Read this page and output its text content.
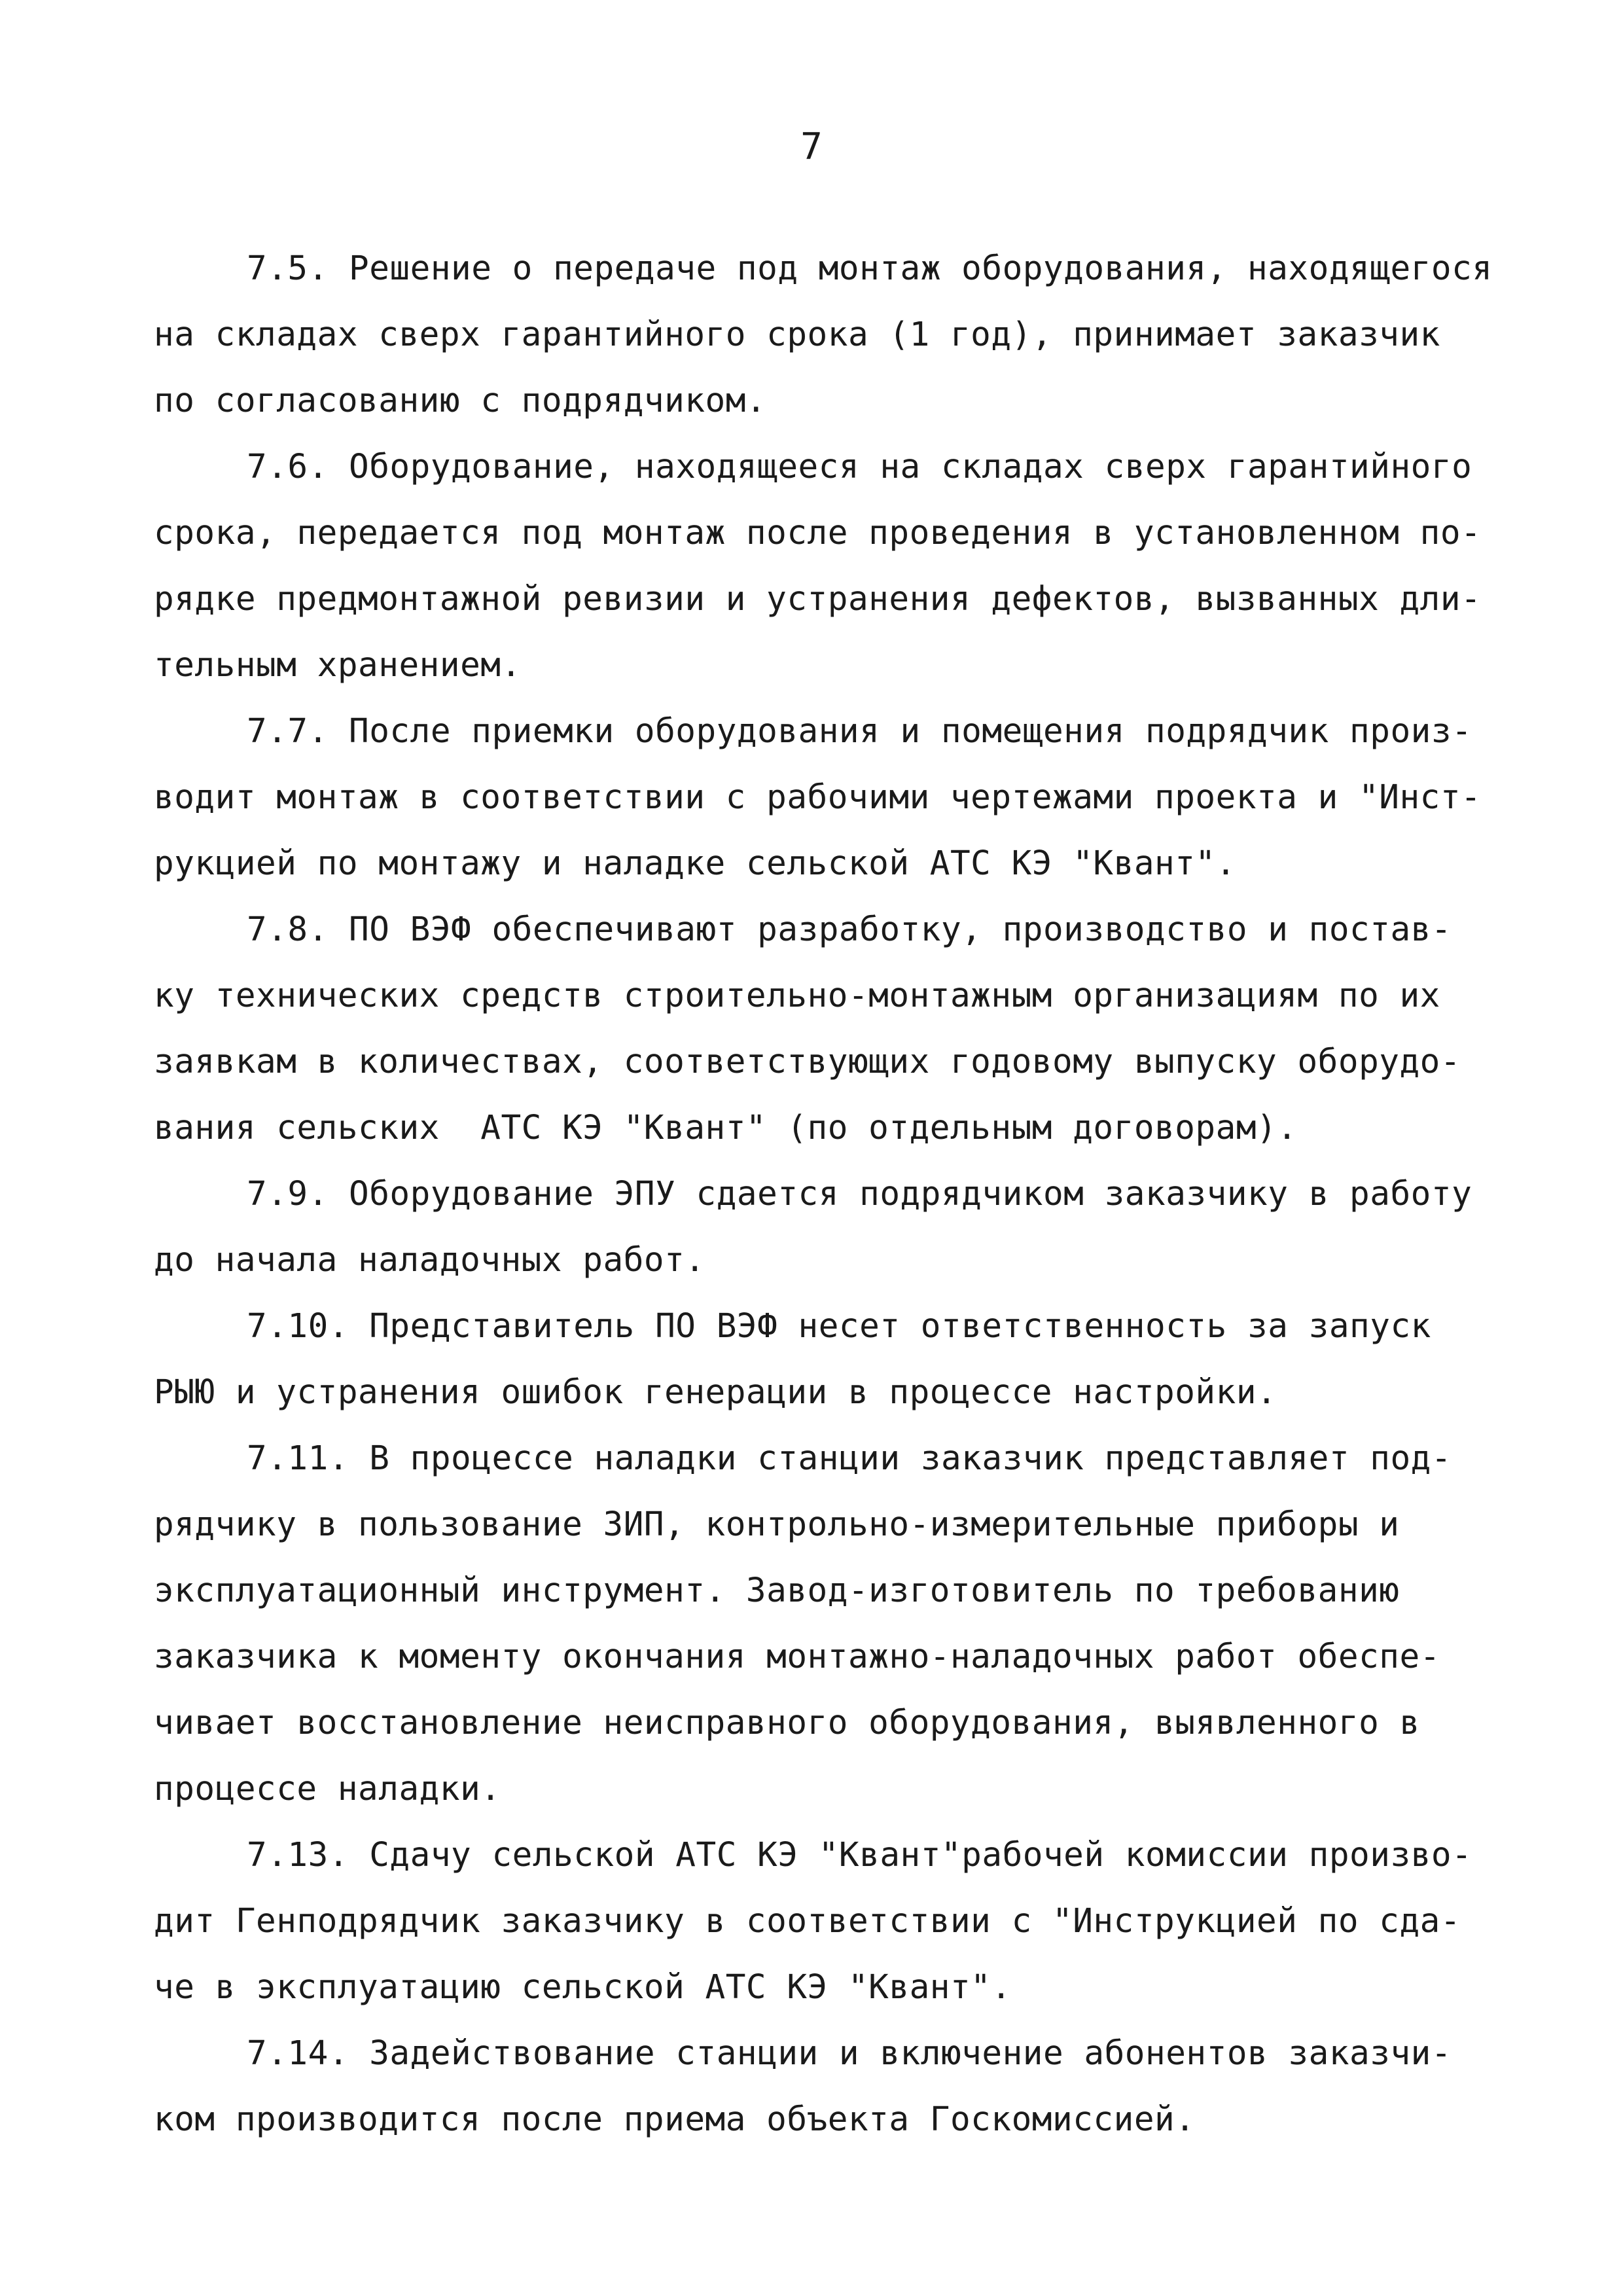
7

7.5. Решение о передаче под монтаж оборудования, находящегося
на складах сверх гарантийного срока (1 год), принимает заказчик
по согласованию с подрядчиком.

7.6. Оборудование, находящееся на складах сверх гарантийного
срока, передается под монтаж после проведения в установленном по-
рядке предмонтажной ревизии и устранения дефектов, вызванных дли-
тельным хранением.

7.7. После приемки оборудования и помещения подрядчик произ-
водит монтаж в соответствии с рабочими чертежами проекта и "Инст-
рукцией по монтажу и наладке сельской АТС КЭ "Квант".

7.8. ПО ВЭФ обеспечивают разработку, производство и постав-
ку технических средств строительно-монтажным организациям по их
заявкам в количествах, соответствующих годовому выпуску оборудо-
вания сельских  АТС КЭ "Квант" (по отдельным договорам).

7.9. Оборудование ЭПУ сдается подрядчиком заказчику в работу
до начала наладочных работ.

7.10. Представитель ПО ВЭФ несет ответственность за запуск
РЫЮ и устранения ошибок генерации в процессе настройки.

7.11. В процессе наладки станции заказчик представляет под-
рядчику в пользование ЗИП, контрольно-измерительные приборы и
эксплуатационный инструмент. Завод-изготовитель по требованию
заказчика к моменту окончания монтажно-наладочных работ обеспе-
чивает восстановление неисправного оборудования, выявленного в
процессе наладки.

7.13. Сдачу сельской АТС КЭ "Квант"рабочей комиссии произво-
дит Генподрядчик заказчику в соответствии с "Инструкцией по сда-
че в эксплуатацию сельской АТС КЭ "Квант".

7.14. Задействование станции и включение абонентов заказчи-
ком производится после приема объекта Госкомиссией.
